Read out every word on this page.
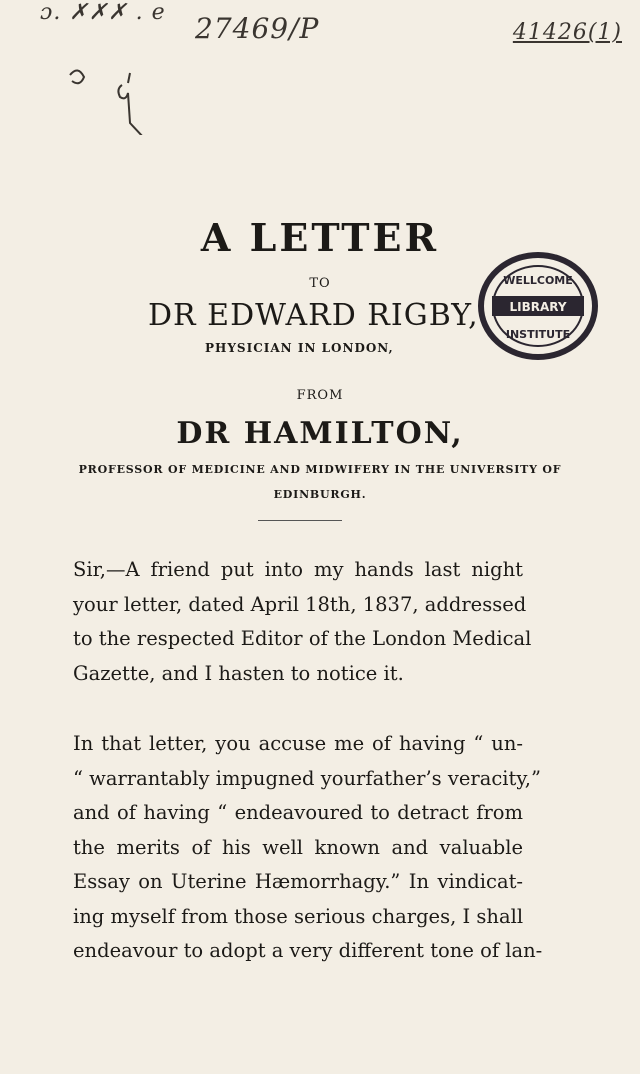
ɔ. ✗✗✗ . e 27469/P	41426(1)
A LETTER
TO
DR EDWARD RIGBY,
PHYSICIAN IN LONDON,
LIBRARY
WELLCOME
INSTITUTE
FROM
DR HAMILTON,
PROFESSOR OF MEDICINE AND MIDWIFERY IN THE UNIVERSITY OF
EDINBURGH.
Sir,—A friend put into my hands last night
your letter, dated April 18th, 1837, addressed
to the respected Editor of the London Medical
Gazette, and I hasten to notice it.
In that letter, you accuse me of having “ un-
“ warrantably impugned yourfather’s veracity,”
and of having “ endeavoured to detract from
the merits of his well known and valuable
Essay on Uterine Hæmorrhagy.” In vindicat-
ing myself from those serious charges, I shall
endeavour to adopt a very different tone of lan-
